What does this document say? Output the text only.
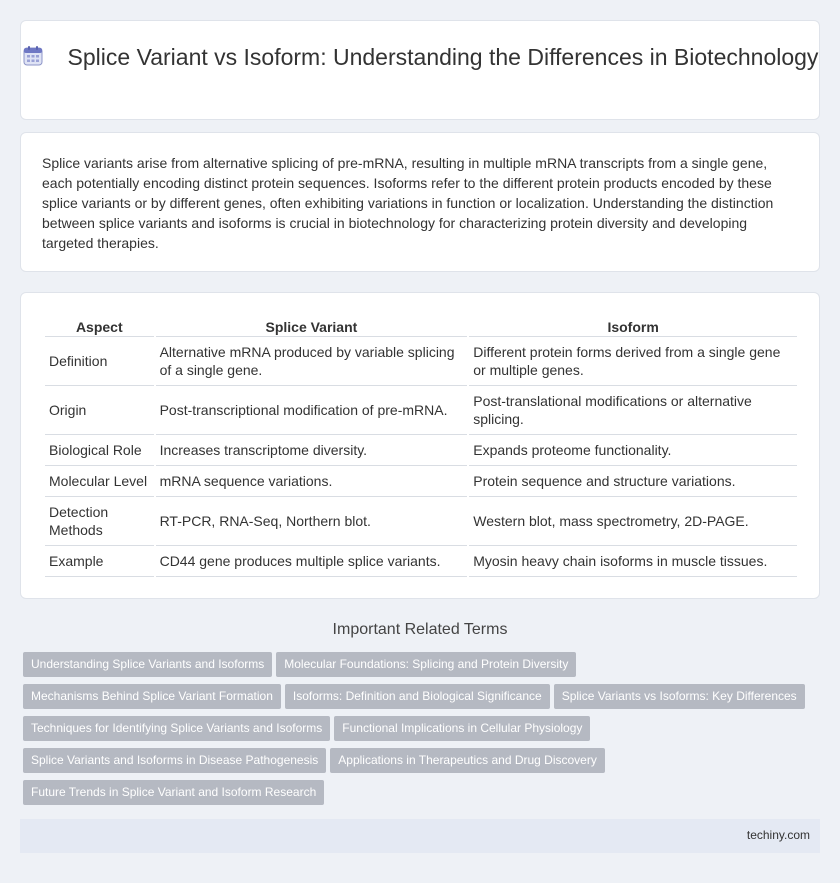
Splice Variant vs Isoform: Understanding the Differences in Biotechnology

Splice variants arise from alternative splicing of pre-mRNA, resulting in multiple mRNA transcripts from a single gene, each potentially encoding distinct protein sequences. Isoforms refer to the different protein products encoded by these splice variants or by different genes, often exhibiting variations in function or localization. Understanding the distinction between splice variants and isoforms is crucial in biotechnology for characterizing protein diversity and developing targeted therapies.

Aspect	Splice Variant	Isoform
Definition	Alternative mRNA produced by variable splicing of a single gene.	Different protein forms derived from a single gene or multiple genes.
Origin	Post-transcriptional modification of pre-mRNA.	Post-translational modifications or alternative splicing.
Biological Role	Increases transcriptome diversity.	Expands proteome functionality.
Molecular Level	mRNA sequence variations.	Protein sequence and structure variations.
Detection Methods	RT-PCR, RNA-Seq, Northern blot.	Western blot, mass spectrometry, 2D-PAGE.
Example	CD44 gene produces multiple splice variants.	Myosin heavy chain isoforms in muscle tissues.
Important Related Terms
Understanding Splice Variants and Isoforms Molecular Foundations: Splicing and Protein Diversity
Mechanisms Behind Splice Variant Formation Isoforms: Definition and Biological Significance Splice Variants vs Isoforms: Key Differences
Techniques for Identifying Splice Variants and Isoforms Functional Implications in Cellular Physiology
Splice Variants and Isoforms in Disease Pathogenesis Applications in Therapeutics and Drug Discovery
Future Trends in Splice Variant and Isoform Research
techiny.com
